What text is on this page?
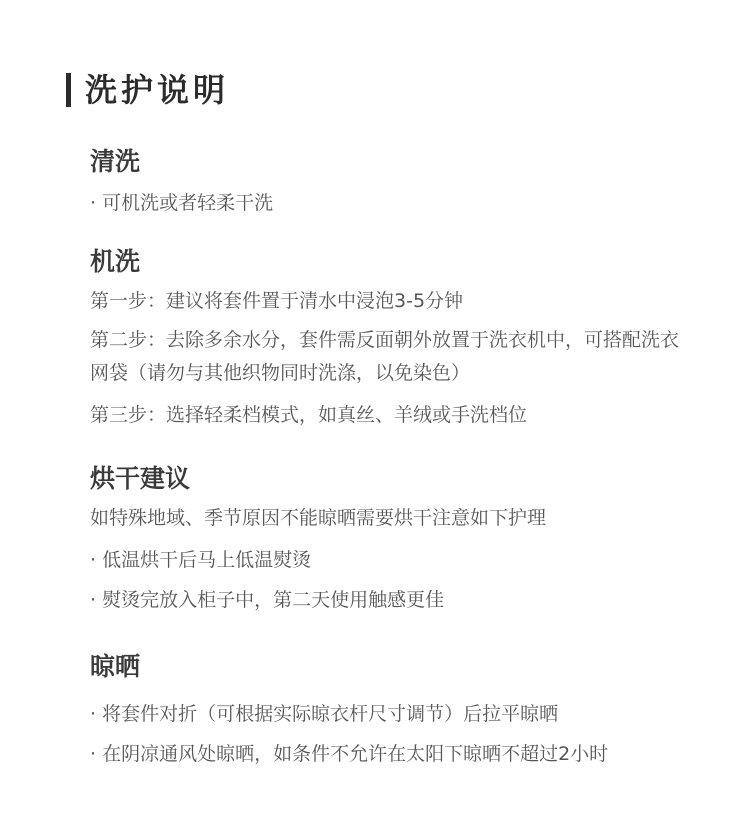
洗护说明
清洗
· 可机洗或者轻柔干洗
机洗
第一步：建议将套件置于清水中浸泡3-5分钟
第二步：去除多余水分，套件需反面朝外放置于洗衣机中，可搭配洗衣网袋（请勿与其他织物同时洗涤，以免染色）
第三步：选择轻柔档模式，如真丝、羊绒或手洗档位
烘干建议
如特殊地域、季节原因不能晾晒需要烘干注意如下护理
· 低温烘干后马上低温熨烫
· 熨烫完放入柜子中，第二天使用触感更佳
晾晒
· 将套件对折（可根据实际晾衣杆尺寸调节）后拉平晾晒
· 在阴凉通风处晾晒，如条件不允许在太阳下晾晒不超过2小时
